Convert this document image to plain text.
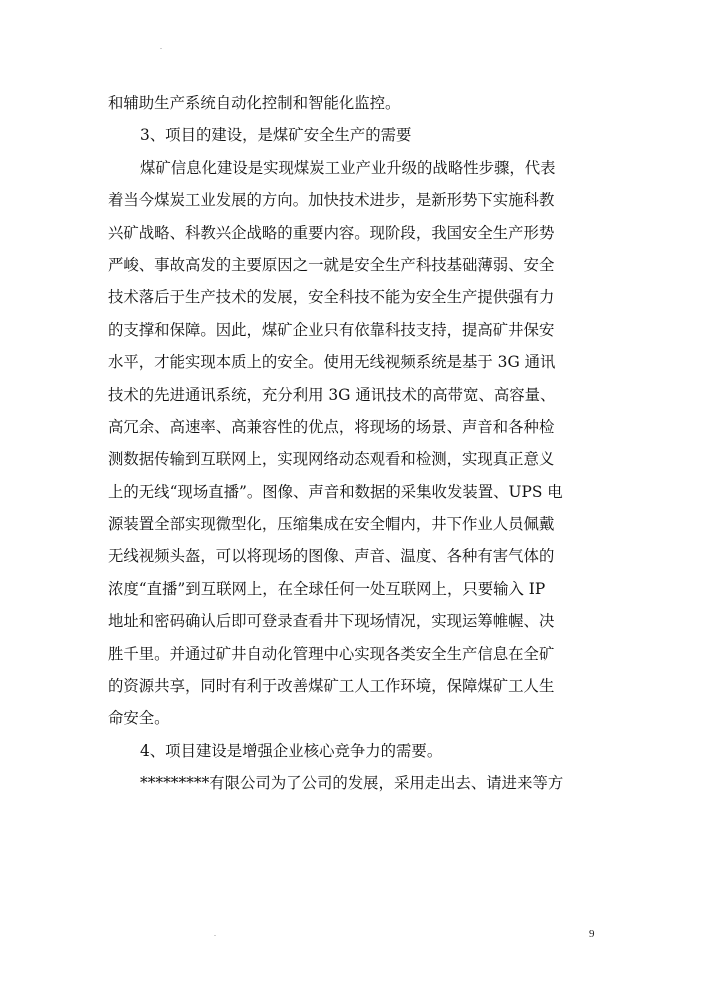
和辅助生产系统自动化控制和智能化监控。
3、项目的建设，是煤矿安全生产的需要
煤矿信息化建设是实现煤炭工业产业升级的战略性步骤，代表
着当今煤炭工业发展的方向。加快技术进步，是新形势下实施科教
兴矿战略、科教兴企战略的重要内容。现阶段，我国安全生产形势
严峻、事故高发的主要原因之一就是安全生产科技基础薄弱、安全
技术落后于生产技术的发展，安全科技不能为安全生产提供强有力
的支撑和保障。因此，煤矿企业只有依靠科技支持，提高矿井保安
水平，才能实现本质上的安全。使用无线视频系统是基于 3G 通讯
技术的先进通讯系统，充分利用 3G 通讯技术的高带宽、高容量、
高冗余、高速率、高兼容性的优点，将现场的场景、声音和各种检
测数据传输到互联网上，实现网络动态观看和检测，实现真正意义
上的无线“现场直播”。图像、声音和数据的采集收发装置、UPS 电
源装置全部实现微型化，压缩集成在安全帽内，井下作业人员佩戴
无线视频头盔，可以将现场的图像、声音、温度、各种有害气体的
浓度“直播”到互联网上，在全球任何一处互联网上，只要输入 IP
地址和密码确认后即可登录查看井下现场情况，实现运筹帷幄、决
胜千里。并通过矿井自动化管理中心实现各类安全生产信息在全矿
的资源共享，同时有利于改善煤矿工人工作环境，保障煤矿工人生
命安全。
4、项目建设是增强企业核心竞争力的需要。
*********有限公司为了公司的发展，采用走出去、请进来等方
9
